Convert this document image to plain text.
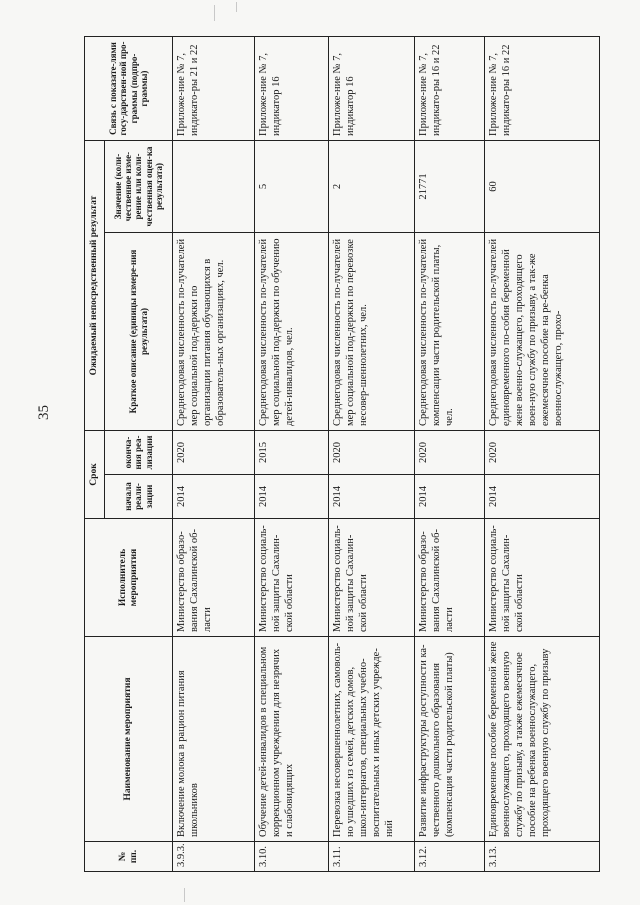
35
№ пп.	Наименование мероприятия	Исполнитель мероприятия	Срок		Ожидаемый непосредственный результат		Связь с показате-лями госу-дарствен-ной про-граммы (подпро-граммы)
			начала реали-зации	оконча-ния реа-лизации	Краткое описание (единицы измере-ния результата)	Значение (коли-чественное изме-рение или коли-чественная оцен-ка результата)	
3.9.3.	Включение молока в рацион питания школьников	Министерство образо-вания Сахалинской об-ласти	2014	2020	Среднегодовая численность по-лучателей мер социальной под-держки по организации питания обучающихся в образователь-ных организациях, чел.		Приложе-ние № 7, индикато-ры 21 и 22
3.10.	Обучение детей-инвалидов в специальном коррекционном учреждении для незрячих и слабовидящих	Министерство социаль-ной защиты Сахалин-ской области	2014	2015	Среднегодовая численность по-лучателей мер социальной под-держки по обучению детей-инвалидов, чел.	5	Приложе-ние № 7, индикатор 16
3.11.	Перевозка несовершеннолетних, самоволь-но ушедших из семей, детских домов, школ-интернатов, специальных учебно-воспитательных и иных детских учрежде-ний	Министерство социаль-ной защиты Сахалин-ской области	2014	2020	Среднегодовая численность по-лучателей мер социальной под-держки по перевозке несовер-шеннолетних, чел.	2	Приложе-ние № 7, индикатор 16
3.12.	Развитие инфраструктуры доступности ка-чественного дошкольного образования (компенсация части родительской платы)	Министерство образо-вания Сахалинской об-ласти	2014	2020	Среднегодовая численность по-лучателей компенсации части родительской платы, чел.	21771	Приложе-ние № 7, индикато-ры 16 и 22
3.13.	Единовременное пособие беременной жене военнослужащего, проходящего военную службу по призыву, а также ежемесячное пособие на ребенка военнослужащего, проходящего военную службу по призыву	Министерство социаль-ной защиты Сахалин-ской области	2014	2020	Среднегодовая численность по-лучателей единовременного по-собия беременной жене военно-служащего, проходящего воен-ную службу по призыву, а так-же ежемесячное пособие на ре-бенка военнослужащего, прохо-	60	Приложе-ние № 7, индикато-ры 16 и 22
